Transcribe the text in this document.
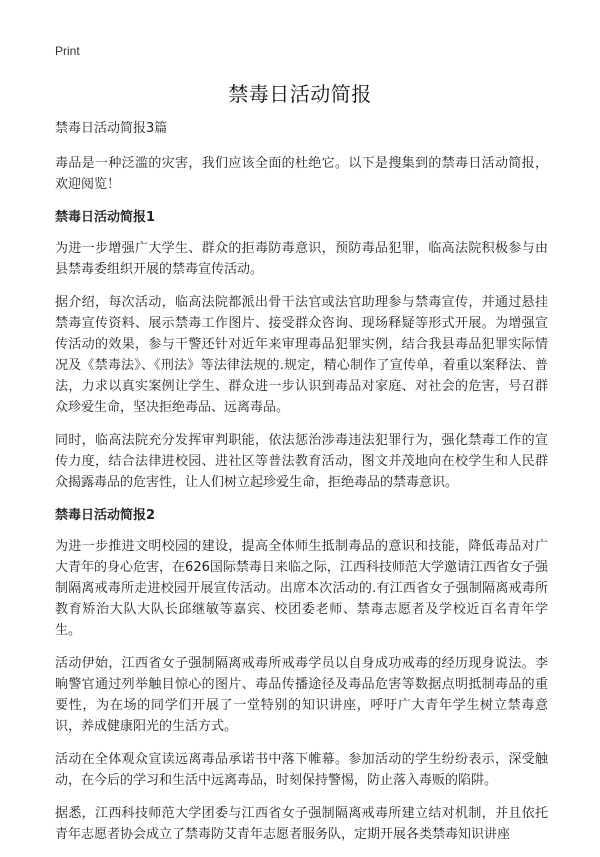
Print

禁毒日活动简报

禁毒日活动简报3篇

毒品是一种泛滥的灾害，我们应该全面的杜绝它。以下是搜集到的禁毒日活动简报，欢迎阅览！

禁毒日活动简报1

为进一步增强广大学生、群众的拒毒防毒意识，预防毒品犯罪，临高法院积极参与由县禁毒委组织开展的禁毒宣传活动。

据介绍，每次活动，临高法院都派出骨干法官或法官助理参与禁毒宣传，并通过悬挂禁毒宣传资料、展示禁毒工作图片、接受群众咨询、现场释疑等形式开展。为增强宣传活动的效果，参与干警还针对近年来审理毒品犯罪实例，结合我县毒品犯罪实际情况及《禁毒法》、《刑法》等法律法规的.规定，精心制作了宣传单，着重以案释法、普法，力求以真实案例让学生、群众进一步认识到毒品对家庭、对社会的危害，号召群众珍爱生命，坚决拒绝毒品、远离毒品。

同时，临高法院充分发挥审判职能，依法惩治涉毒违法犯罪行为，强化禁毒工作的宣传力度，结合法律进校园、进社区等普法教育活动，图文并茂地向在校学生和人民群众揭露毒品的危害性，让人们树立起珍爱生命，拒绝毒品的禁毒意识。

禁毒日活动简报2

为进一步推进文明校园的建设，提高全体师生抵制毒品的意识和技能，降低毒品对广大青年的身心危害，在626国际禁毒日来临之际，江西科技师范大学邀请江西省女子强制隔离戒毒所走进校园开展宣传活动。出席本次活动的.有江西省女子强制隔离戒毒所教育矫治大队大队长邱继敏等嘉宾、校团委老师、禁毒志愿者及学校近百名青年学生。

活动伊始，江西省女子强制隔离戒毒所戒毒学员以自身成功戒毒的经历现身说法。李晌警官通过列举触目惊心的图片、毒品传播途径及毒品危害等数据点明抵制毒品的重要性，为在场的同学们开展了一堂特别的知识讲座，呼吁广大青年学生树立禁毒意识，养成健康阳光的生活方式。

活动在全体观众宣读远离毒品承诺书中落下帷幕。参加活动的学生纷纷表示，深受触动，在今后的学习和生活中远离毒品，时刻保持警惕，防止落入毒贩的陷阱。

据悉，江西科技师范大学团委与江西省女子强制隔离戒毒所建立结对机制，并且依托青年志愿者协会成立了禁毒防艾青年志愿者服务队，定期开展各类禁毒知识讲座
